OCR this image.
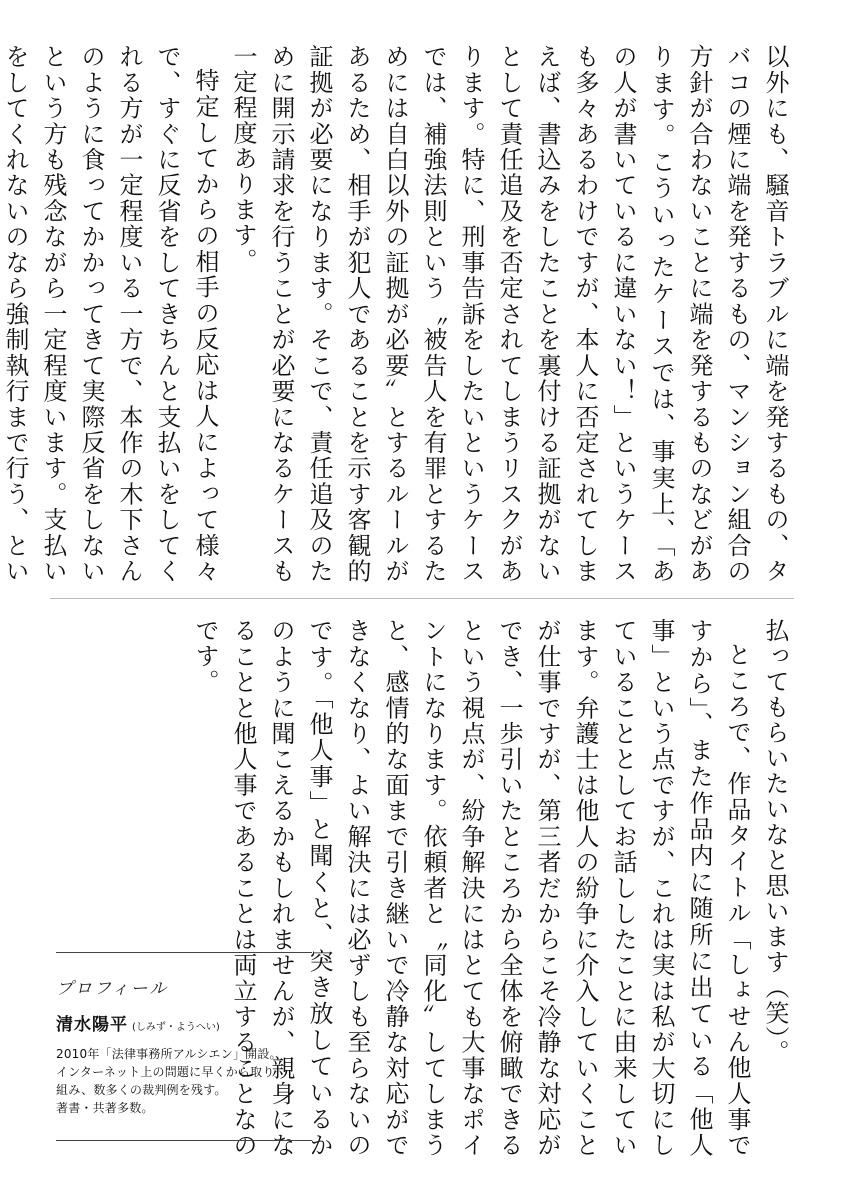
以外にも、騒音トラブルに端を発するもの、タバコの煙に端を発するもの、マンション組合の方針が合わないことに端を発するものなどがあります。こういったケースでは、事実上、「あの人が書いているに違いない！」というケースも多々あるわけですが、本人に否定されてしまえば、書込みをしたことを裏付ける証拠がないとして責任追及を否定されてしまうリスクがあります。特に、刑事告訴をしたいというケースでは、補強法則という〝被告人を有罪とするためには自白以外の証拠が必要〟とするルールがあるため、相手が犯人であることを示す客観的証拠が必要になります。そこで、責任追及のために開示請求を行うことが必要になるケースも一定程度あります。

特定してからの相手の反応は人によって様々で、すぐに反省をしてきちんと支払いをしてくれる方が一定程度いる一方で、本作の木下さんのように食ってかかってきて実際反省をしないという方も残念ながら一定程度います。支払いをしてくれないのなら強制執行まで行う、とい

払ってもらいたいなと思います（笑）。

ところで、作品タイトル「しょせん他人事ですから」、また作品内に随所に出ている「他人事」という点ですが、これは実は私が大切にしていることとしてお話ししたことに由来しています。弁護士は他人の紛争に介入していくことが仕事ですが、第三者だからこそ冷静な対応ができ、一歩引いたところから全体を俯瞰できるという視点が、紛争解決にはとても大事なポイントになります。依頼者と〝同化〟してしまうと、感情的な面まで引き継いで冷静な対応ができなくなり、よい解決には必ずしも至らないのです。「他人事」と聞くと、突き放しているかのように聞こえるかもしれませんが、親身になることと他人事であることは両立することなのです。

プロフィール
清水陽平 (しみず・ようへい)
2010年「法律事務所アルシエン」開設。
インターネット上の問題に早くから取り
組み、数多くの裁判例を残す。
著書・共著多数。
